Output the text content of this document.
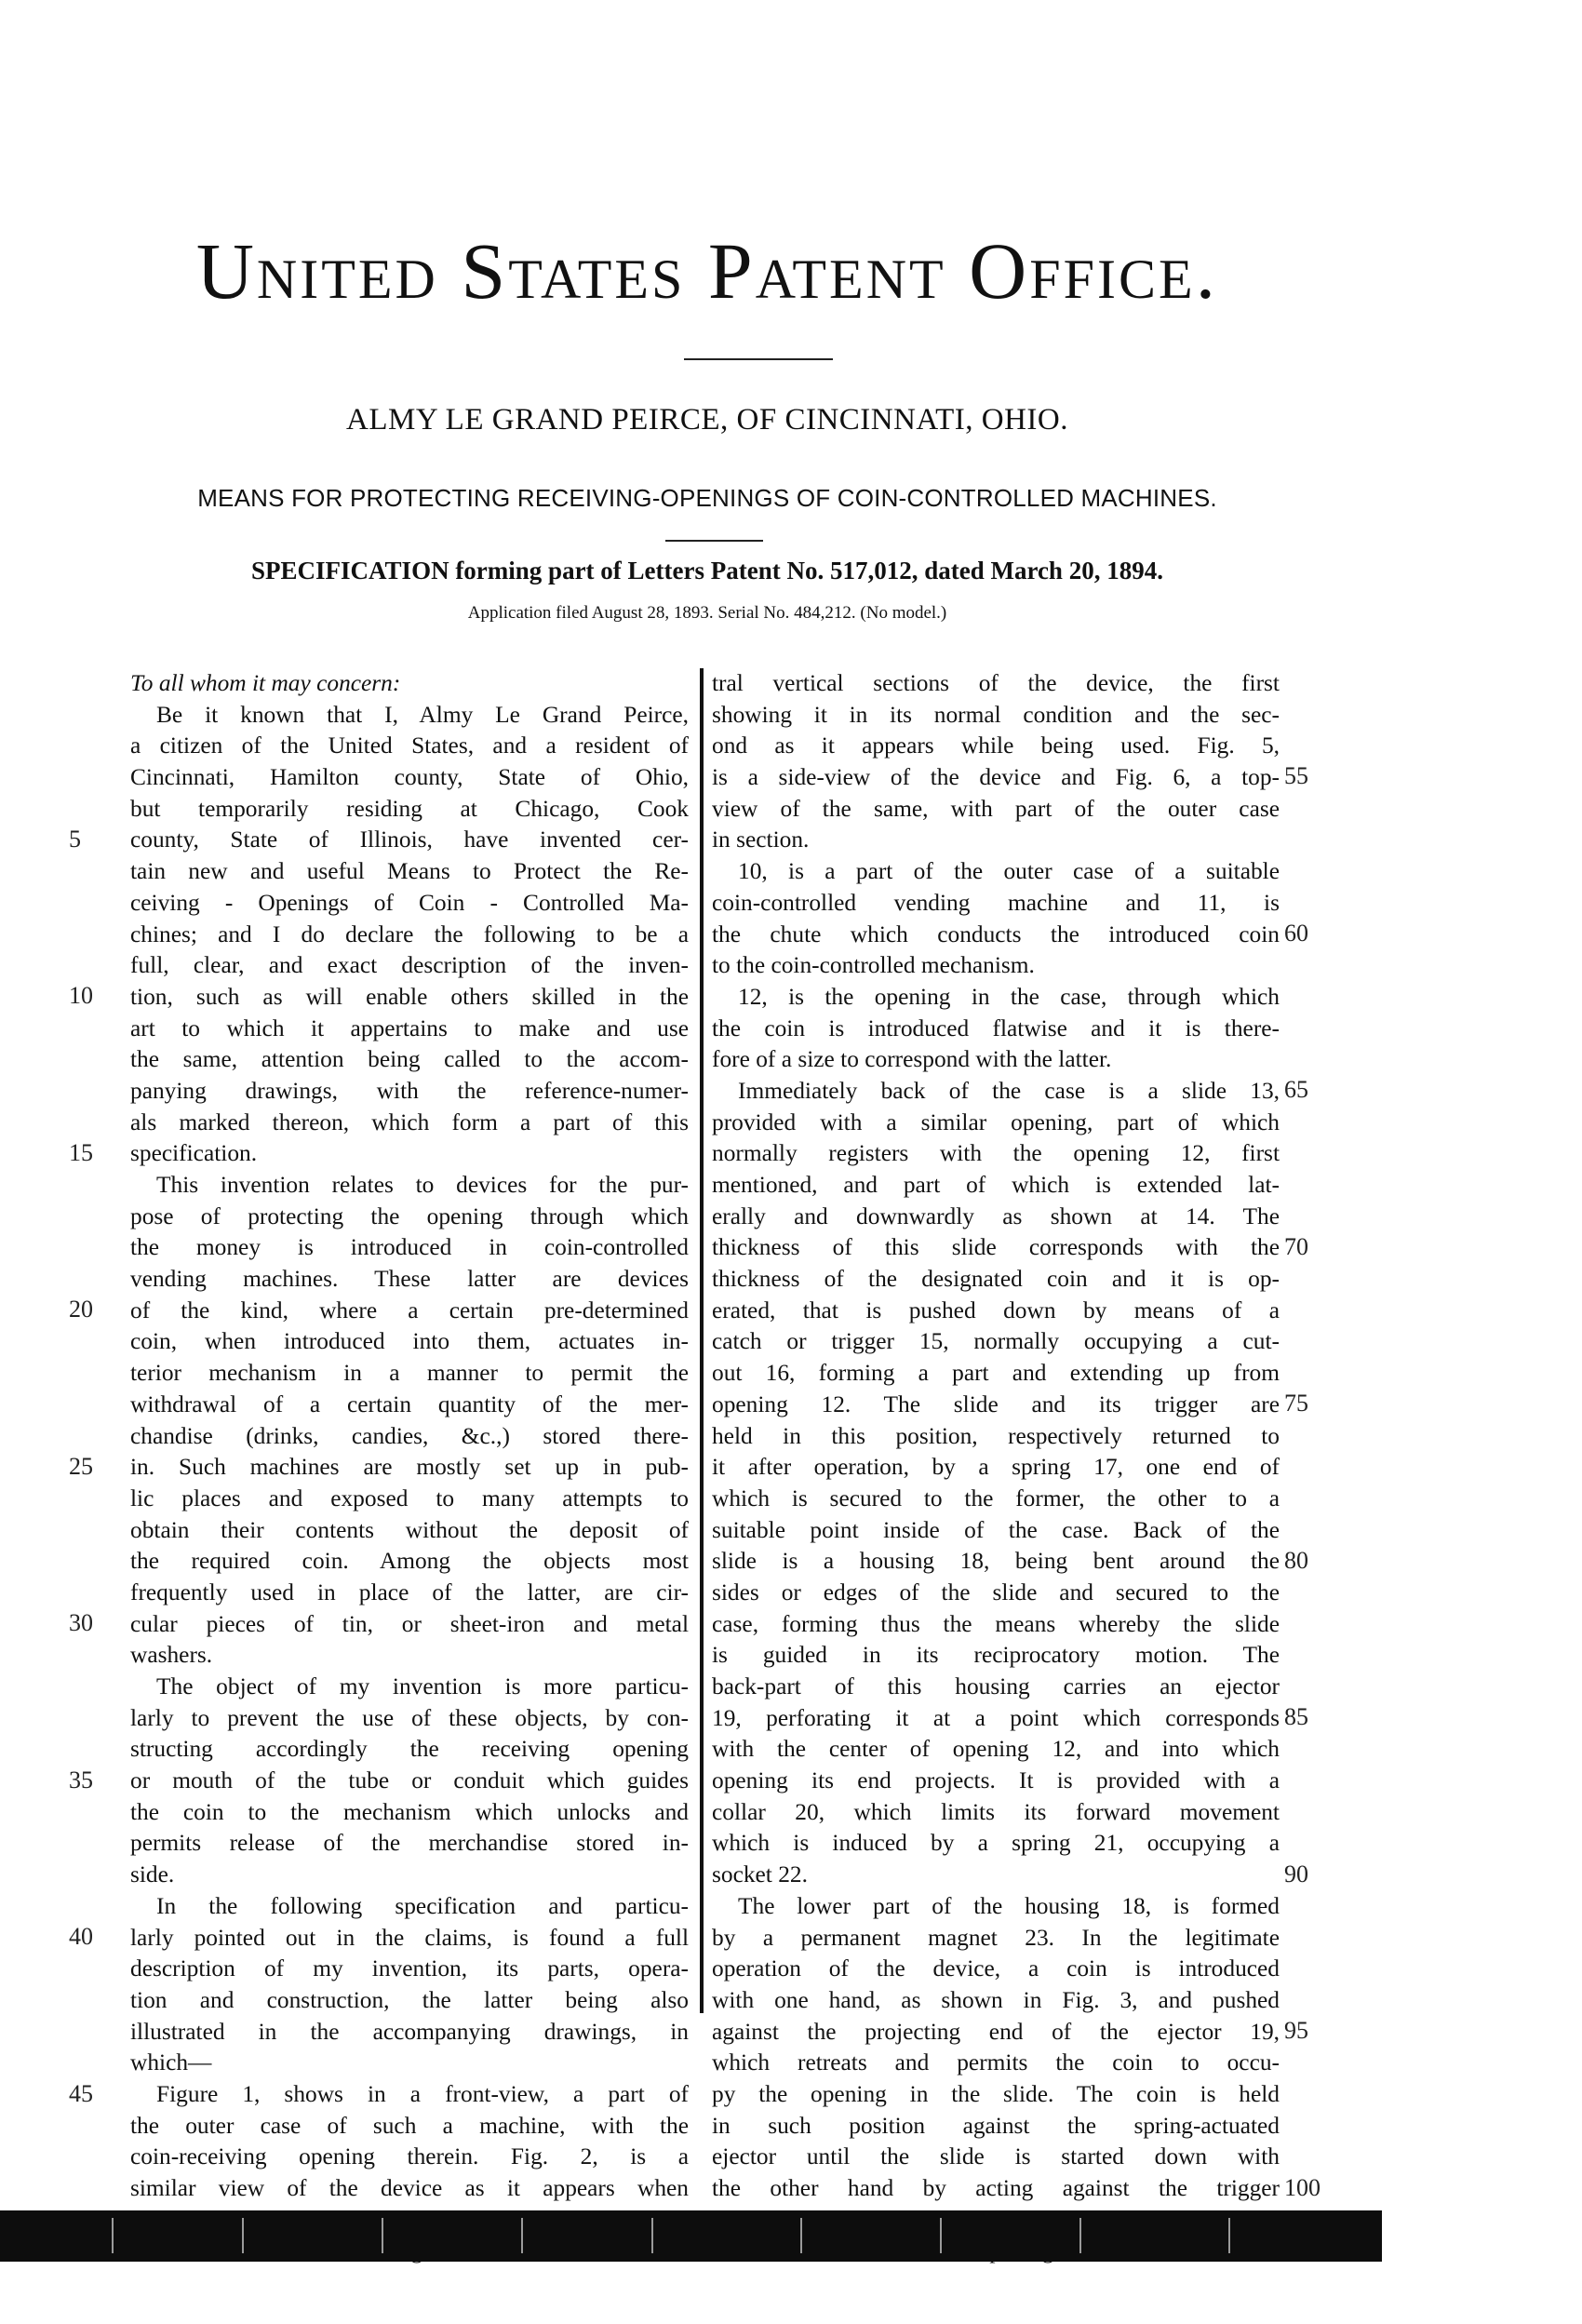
United States Patent Office.
ALMY LE GRAND PEIRCE, OF CINCINNATI, OHIO.
MEANS FOR PROTECTING RECEIVING-OPENINGS OF COIN-CONTROLLED MACHINES.
SPECIFICATION forming part of Letters Patent No. 517,012, dated March 20, 1894.
Application filed August 28, 1893. Serial No. 484,212. (No model.)
To all whom it may concern:
Be it known that I, Almy Le Grand Peirce,
a citizen of the United States, and a resident of
Cincinnati, Hamilton county, State of Ohio,
but temporarily residing at Chicago, Cook
county, State of Illinois, have invented cer-
tain new and useful Means to Protect the Re-
ceiving - Openings of Coin - Controlled Ma-
chines; and I do declare the following to be a
full, clear, and exact description of the inven-
tion, such as will enable others skilled in the
art to which it appertains to make and use
the same, attention being called to the accom-
panying drawings, with the reference-numer-
als marked thereon, which form a part of this
specification.
This invention relates to devices for the pur-
pose of protecting the opening through which
the money is introduced in coin-controlled
vending machines. These latter are devices
of the kind, where a certain pre-determined
coin, when introduced into them, actuates in-
terior mechanism in a manner to permit the
withdrawal of a certain quantity of the mer-
chandise (drinks, candies, &c.,) stored there-
in. Such machines are mostly set up in pub-
lic places and exposed to many attempts to
obtain their contents without the deposit of
the required coin. Among the objects most
frequently used in place of the latter, are cir-
cular pieces of tin, or sheet-iron and metal
washers.
The object of my invention is more particu-
larly to prevent the use of these objects, by con-
structing accordingly the receiving opening
or mouth of the tube or conduit which guides
the coin to the mechanism which unlocks and
permits release of the merchandise stored in-
side.
In the following specification and particu-
larly pointed out in the claims, is found a full
description of my invention, its parts, opera-
tion and construction, the latter being also
illustrated in the accompanying drawings, in
which—
Figure 1, shows in a front-view, a part of
the outer case of such a machine, with the
coin-receiving opening therein. Fig. 2, is a
similar view of the device as it appears when
tral vertical sections of the device, the first
showing it in its normal condition and the sec-
ond as it appears while being used. Fig. 5,
is a side-view of the device and Fig. 6, a top-
view of the same, with part of the outer case
in section.
10, is a part of the outer case of a suitable
coin-controlled vending machine and 11, is
the chute which conducts the introduced coin
to the coin-controlled mechanism.
12, is the opening in the case, through which
the coin is introduced flatwise and it is there-
fore of a size to correspond with the latter.
Immediately back of the case is a slide 13,
provided with a similar opening, part of which
normally registers with the opening 12, first
mentioned, and part of which is extended lat-
erally and downwardly as shown at 14. The
thickness of this slide corresponds with the
thickness of the designated coin and it is op-
erated, that is pushed down by means of a
catch or trigger 15, normally occupying a cut-
out 16, forming a part and extending up from
opening 12. The slide and its trigger are
held in this position, respectively returned to
it after operation, by a spring 17, one end of
which is secured to the former, the other to a
suitable point inside of the case. Back of the
slide is a housing 18, being bent around the
sides or edges of the slide and secured to the
case, forming thus the means whereby the slide
is guided in its reciprocatory motion. The
back-part of this housing carries an ejector
19, perforating it at a point which corresponds
with the center of opening 12, and into which
opening its end projects. It is provided with a
collar 20, which limits its forward movement
which is induced by a spring 21, occupying a
socket 22.
The lower part of the housing 18, is formed
by a permanent magnet 23. In the legitimate
operation of the device, a coin is introduced
with one hand, as shown in Fig. 3, and pushed
against the projecting end of the ejector 19,
which retreats and permits the coin to occu-
py the opening in the slide. The coin is held
in such position against the spring-actuated
ejector until the slide is started down with
the other hand by acting against the trigger
5
10
15
20
25
30
35
40
45
55
60
65
70
75
80
85
90
95
100
